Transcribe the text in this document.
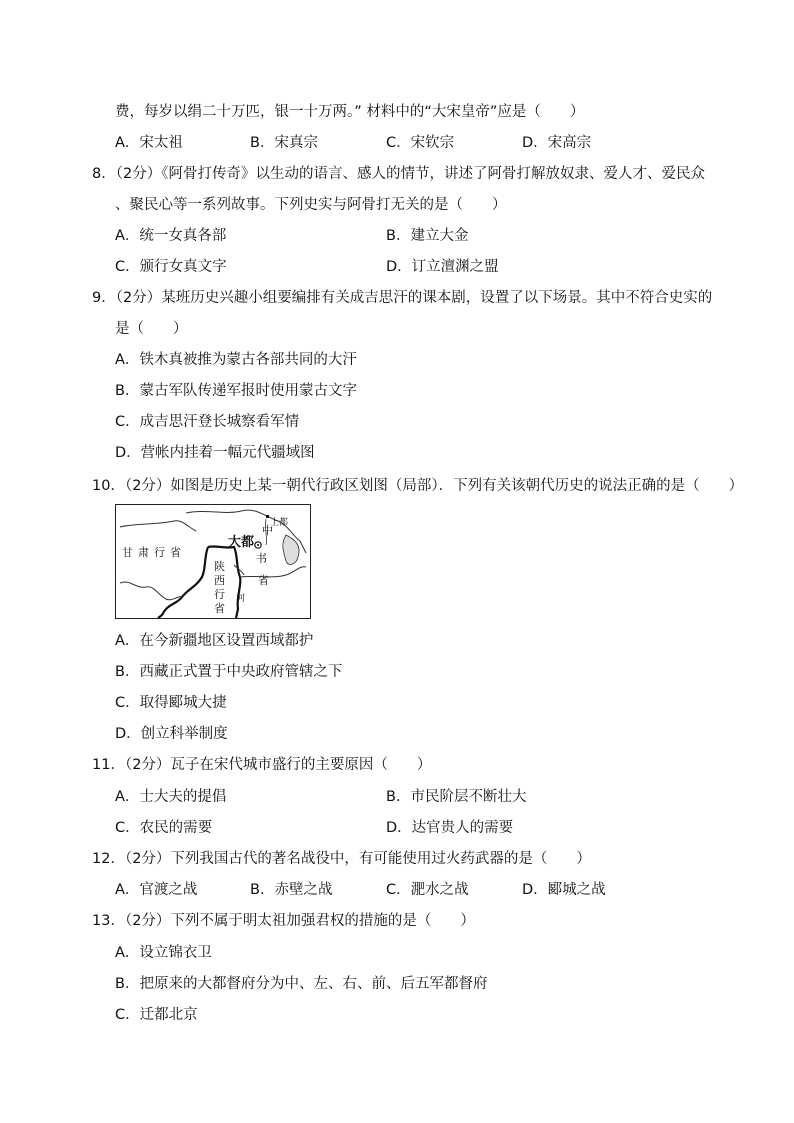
费，每岁以绢二十万匹，银一十万两。” 材料中的“大宋皇帝”应是（　　）
A．宋太祖	B．宋真宗	C．宋钦宗	D．宋高宗
8．（2分）《阿骨打传奇》以生动的语言、感人的情节，讲述了阿骨打解放奴隶、爱人才、爱民众
、聚民心等一系列故事。下列史实与阿骨打无关的是（　　）
A．统一女真各部	B．建立大金
C．颁行女真文字	D．订立澶渊之盟
9．（2分）某班历史兴趣小组要编排有关成吉思汗的课本剧，设置了以下场景。其中不符合史实的
是（　　）
A．铁木真被推为蒙古各部共同的大汗
B．蒙古军队传递军报时使用蒙古文字
C．成吉思汗登长城察看军情
D．营帐内挂着一幅元代疆域图
10．（2分）如图是历史上某一朝代行政区划图（局部）．下列有关该朝代历史的说法正确的是（　　）
甘 肃 行 省
陕
西
行
省
大都
上都
中
书
省
河
A．在今新疆地区设置西域都护
B．西藏正式置于中央政府管辖之下
C．取得郾城大捷
D．创立科举制度
11．（2分）瓦子在宋代城市盛行的主要原因（　　）
A．士大夫的提倡	B．市民阶层不断壮大
C．农民的需要	D．达官贵人的需要
12．（2分）下列我国古代的著名战役中，有可能使用过火药武器的是（　　）
A．官渡之战	B．赤壁之战	C．淝水之战	D．郾城之战
13．（2分）下列不属于明太祖加强君权的措施的是（　　）
A．设立锦衣卫
B．把原来的大都督府分为中、左、右、前、后五军都督府
C．迁都北京
